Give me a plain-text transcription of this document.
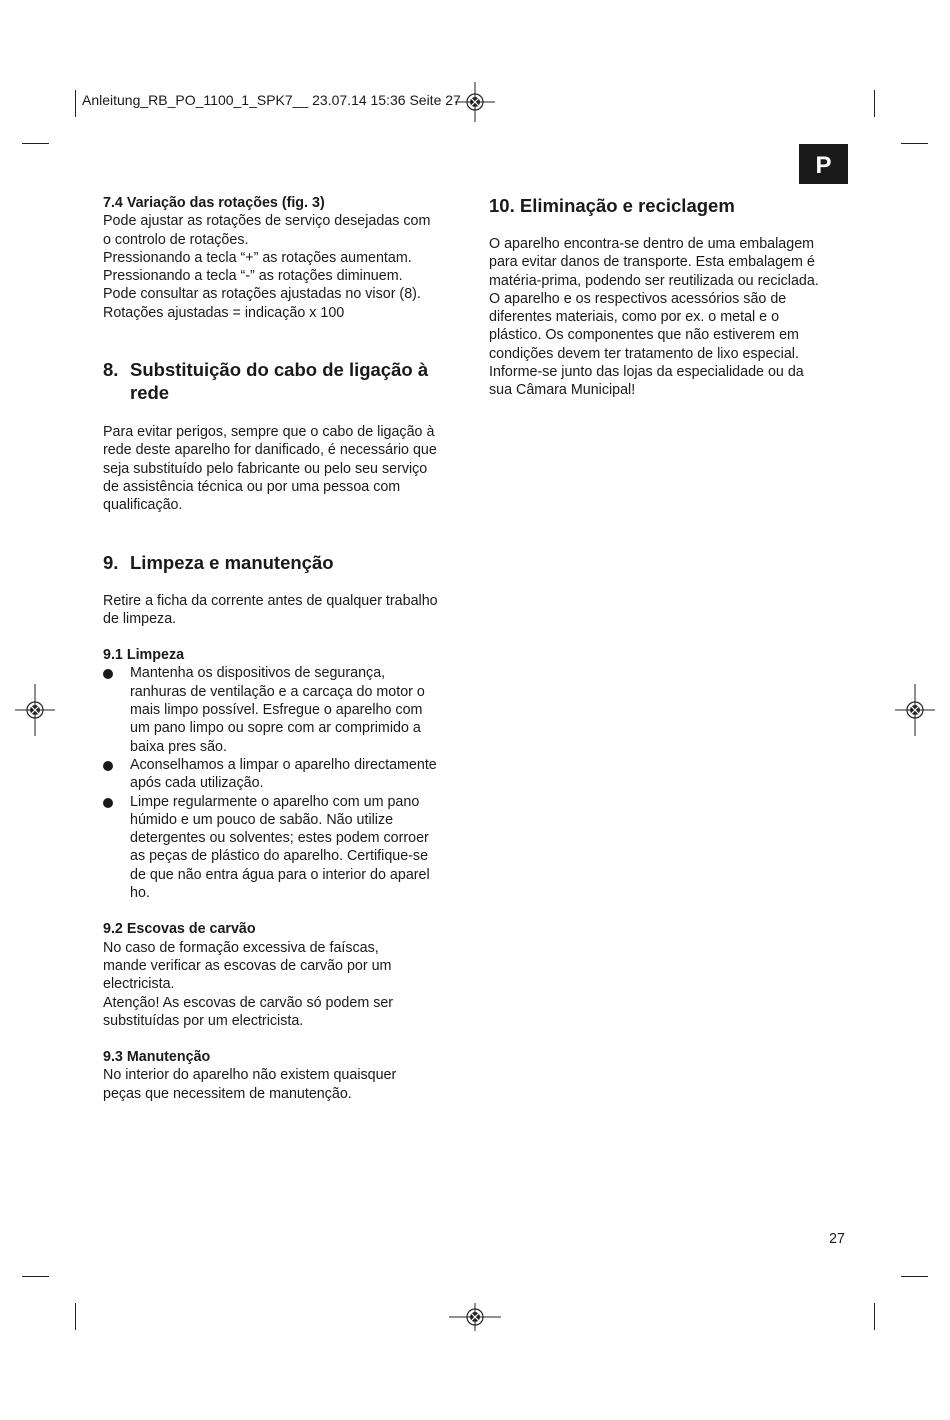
Anleitung_RB_PO_1100_1_SPK7__ 23.07.14 15:36 Seite 27
P

7.4 Variação das rotações (fig. 3)

Pode ajustar as rotações de serviço desejadas com

o controlo de rotações.

Pressionando a tecla “+” as rotações aumentam.

Pressionando a tecla “-” as rotações diminuem.

Pode consultar as rotações ajustadas no visor (8).

Rotações ajustadas = indicação x 100

8. Substituição do cabo de ligação à rede

Para evitar perigos, sempre que o cabo de ligação à

rede deste aparelho for danificado, é necessário que

seja substituído pelo fabricante ou pelo seu serviço

de assistência técnica ou por uma pessoa com

qualificação.

9. Limpeza e manutenção

Retire a ficha da corrente antes de qualquer trabalho

de limpeza.

9.1 Limpeza

Mantenha os dispositivos de segurança,
ranhuras de ventilação e a carcaça do motor o
mais limpo possível. Esfregue o aparelho com
um pano limpo ou sopre com ar comprimido a
baixa pres são.
Aconselhamos a limpar o aparelho directamente
após cada utilização.
Limpe regularmente o aparelho com um pano
húmido e um pouco de sabão. Não utilize
detergentes ou solventes; estes podem corroer
as peças de plástico do aparelho. Certifique-se
de que não entra água para o interior do aparel
ho.

9.2 Escovas de carvão

No caso de formação excessiva de faíscas,

mande verificar as escovas de carvão por um

electricista.

Atenção! As escovas de carvão só podem ser

substituídas por um electricista.

9.3 Manutenção

No interior do aparelho não existem quaisquer

peças que necessitem de manutenção.

10. Eliminação e reciclagem

O aparelho encontra-se dentro de uma embalagem

para evitar danos de transporte. Esta embalagem é

matéria-prima, podendo ser reutilizada ou reciclada.

O aparelho e os respectivos acessórios são de

diferentes materiais, como por ex. o metal e o

plástico. Os componentes que não estiverem em

condições devem ter tratamento de lixo especial.

Informe-se junto das lojas da especialidade ou da

sua Câmara Municipal!

27
